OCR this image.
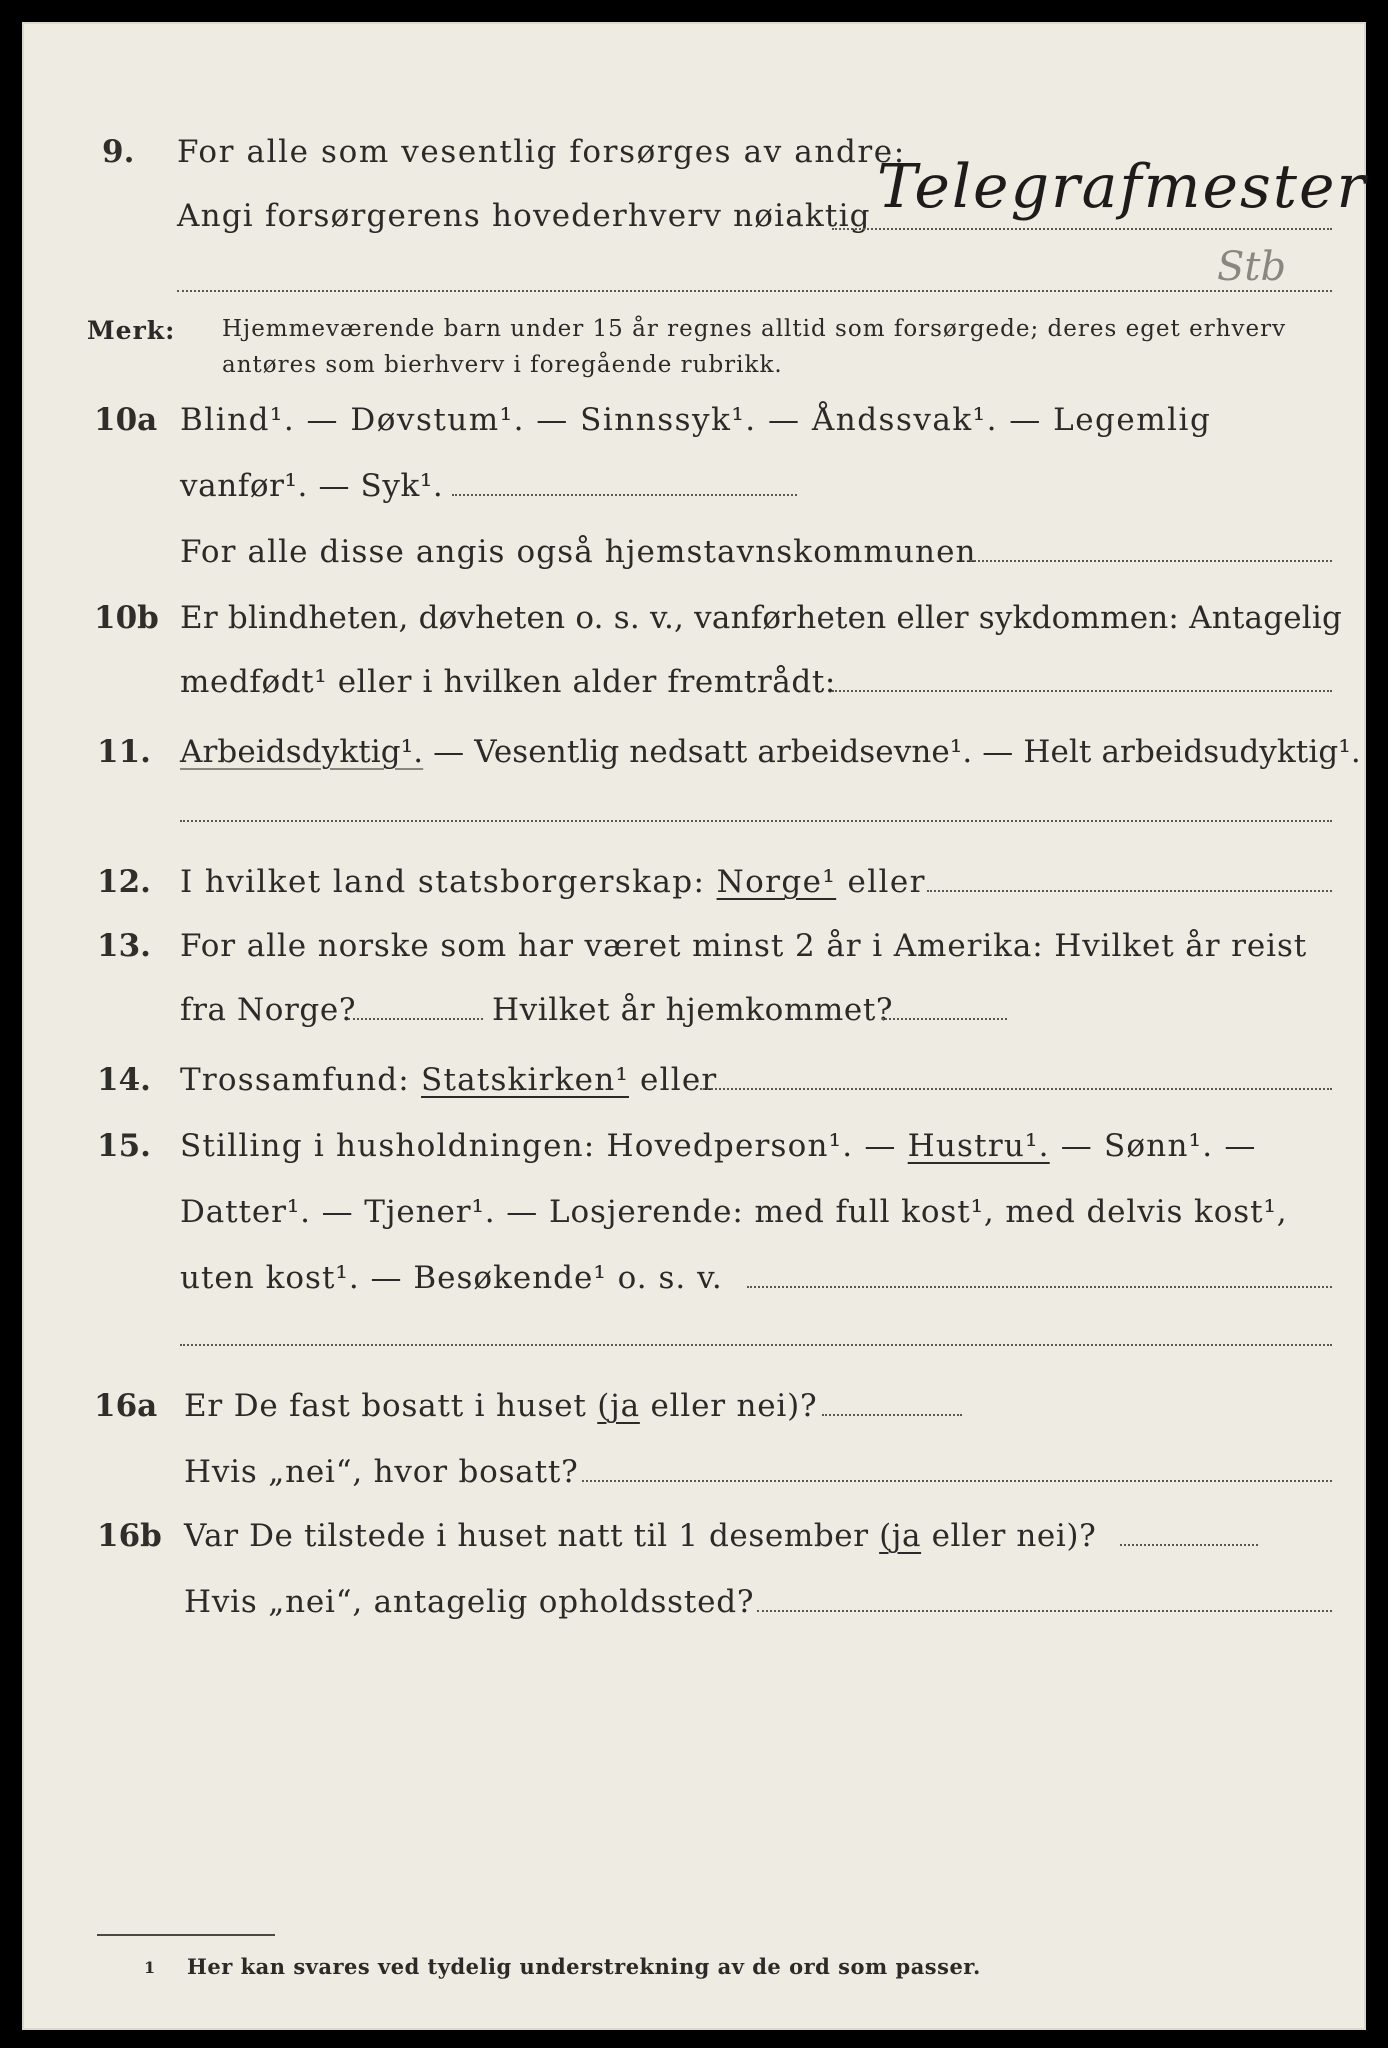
9. For alle som vesentlig forsørges av andre:
Angi forsørgerens hovederhverv nøiaktig Telegrafmester
Stb
Merk: Hjemmeværende barn under 15 år regnes alltid som forsørgede; deres eget erhverv
antøres som bierhverv i foregående rubrikk.
10a Blind¹. — Døvstum¹. — Sinnssyk¹. — Åndssvak¹. — Legemlig
vanfør¹. — Syk¹.
For alle disse angis også hjemstavnskommunen
10b Er blindheten, døvheten o. s. v., vanførheten eller sykdommen: Antagelig
medfødt¹ eller i hvilken alder fremtrådt:
11. Arbeidsdyktig¹. — Vesentlig nedsatt arbeidsevne¹. — Helt arbeidsudyktig¹.
12. I hvilket land statsborgerskap: Norge¹ eller
13. For alle norske som har været minst 2 år i Amerika: Hvilket år reist
fra Norge?	Hvilket år hjemkommet?
14. Trossamfund: Statskirken¹ eller
15. Stilling i husholdningen: Hovedperson¹. — Hustru¹. — Sønn¹. —
Datter¹. — Tjener¹. — Losjerende: med full kost¹, med delvis kost¹,
uten kost¹. — Besøkende¹ o. s. v.
16a Er De fast bosatt i huset (ja eller nei)?
Hvis „nei“, hvor bosatt?
16b Var De tilstede i huset natt til 1 desember (ja eller nei)?
Hvis „nei“, antagelig opholdssted?
1 Her kan svares ved tydelig understrekning av de ord som passer.
